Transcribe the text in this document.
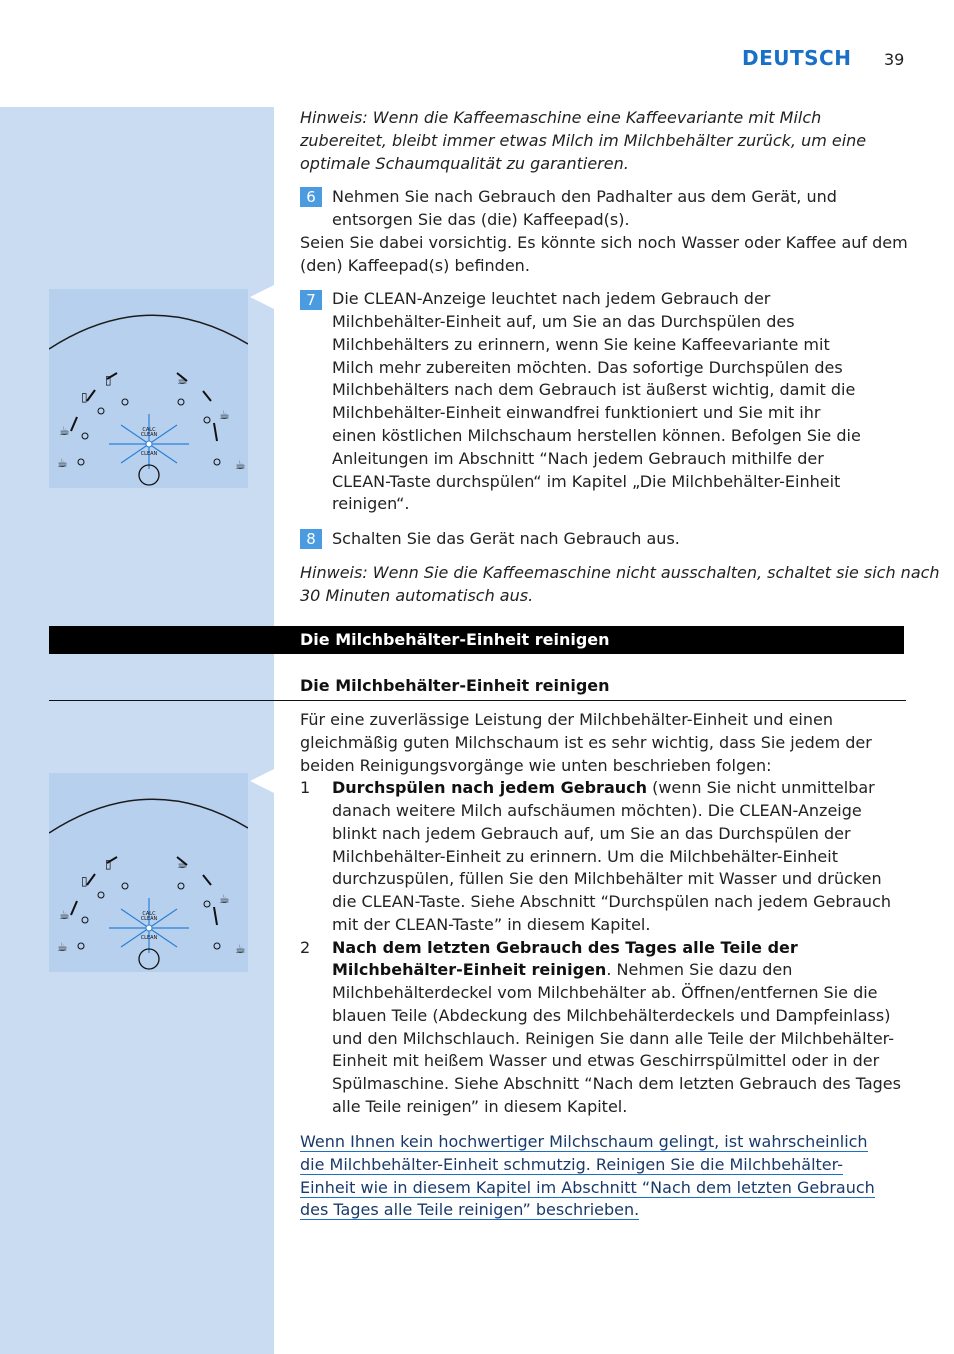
DEUTSCH 39
☕
☕
▯
▯	☕
☕
☕
CALC
CLEAN
CLEAN
☕
☕
▯
▯	☕
☕
☕
CALC
CLEAN
CLEAN
Hinweis: Wenn die Kaffeemaschine eine Kaffeevariante mit Milch zubereitet, bleibt immer etwas Milch im Milchbehälter zurück, um eine optimale Schaumqualität zu garantieren.
6	Nehmen Sie nach Gebrauch den Padhalter aus dem Gerät, und
entsorgen Sie das (die) Kaffeepad(s).
Seien Sie dabei vorsichtig. Es könnte sich noch Wasser oder Kaffee auf dem
(den) Kaffeepad(s) befinden.
7	Die CLEAN-Anzeige leuchtet nach jedem Gebrauch der
Milchbehälter-Einheit auf, um Sie an das Durchspülen des
Milchbehälters zu erinnern, wenn Sie keine Kaffeevariante mit
Milch mehr zubereiten möchten. Das sofortige Durchspülen des
Milchbehälters nach dem Gebrauch ist äußerst wichtig, damit die
Milchbehälter-Einheit einwandfrei funktioniert und Sie mit ihr
einen köstlichen Milchschaum herstellen können. Befolgen Sie die
Anleitungen im Abschnitt “Nach jedem Gebrauch mithilfe der
CLEAN-Taste durchspülen“ im Kapitel „Die Milchbehälter-Einheit
reinigen“.
8	Schalten Sie das Gerät nach Gebrauch aus.
Hinweis: Wenn Sie die Kaffeemaschine nicht ausschalten, schaltet sie sich nach
30 Minuten automatisch aus.
Die Milchbehälter-Einheit reinigen
Die Milchbehälter-Einheit reinigen
Für eine zuverlässige Leistung der Milchbehälter-Einheit und einen
gleichmäßig guten Milchschaum ist es sehr wichtig, dass Sie jedem der
beiden Reinigungsvorgänge wie unten beschrieben folgen:
1 Durchspülen nach jedem Gebrauch (wenn Sie nicht unmittelbar
danach weitere Milch aufschäumen möchten). Die CLEAN-Anzeige
blinkt nach jedem Gebrauch auf, um Sie an das Durchspülen der
Milchbehälter-Einheit zu erinnern. Um die Milchbehälter-Einheit
durchzuspülen, füllen Sie den Milchbehälter mit Wasser und drücken
die CLEAN-Taste. Siehe Abschnitt “Durchspülen nach jedem Gebrauch
mit der CLEAN-Taste” in diesem Kapitel.
2 Nach dem letzten Gebrauch des Tages alle Teile der
Milchbehälter-Einheit reinigen. Nehmen Sie dazu den
Milchbehälterdeckel vom Milchbehälter ab. Öffnen/entfernen Sie die
blauen Teile (Abdeckung des Milchbehälterdeckels und Dampfeinlass)
und den Milchschlauch. Reinigen Sie dann alle Teile der Milchbehälter-
Einheit mit heißem Wasser und etwas Geschirrspülmittel oder in der
Spülmaschine. Siehe Abschnitt “Nach dem letzten Gebrauch des Tages
alle Teile reinigen” in diesem Kapitel.
Wenn Ihnen kein hochwertiger Milchschaum gelingt, ist wahrscheinlich
die Milchbehälter-Einheit schmutzig. Reinigen Sie die Milchbehälter-
Einheit wie in diesem Kapitel im Abschnitt “Nach dem letzten Gebrauch
des Tages alle Teile reinigen” beschrieben.
